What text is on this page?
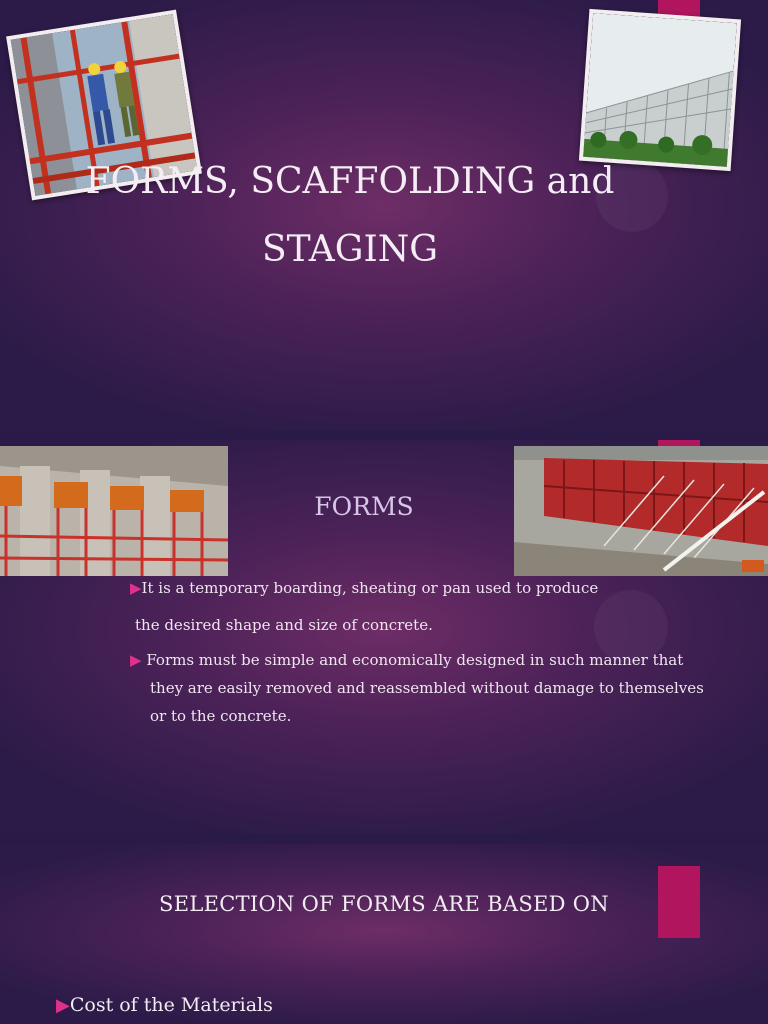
FORMS, SCAFFOLDING and
STAGING
FORMS
▶It is a temporary boarding, sheating or pan used to produce
the desired shape and size of concrete.
▶ Forms must be simple and economically designed in such manner that
they are easily removed and reassembled without damage to themselves
or to the concrete.
SELECTION OF FORMS ARE BASED ON
▶Cost of the Materials
